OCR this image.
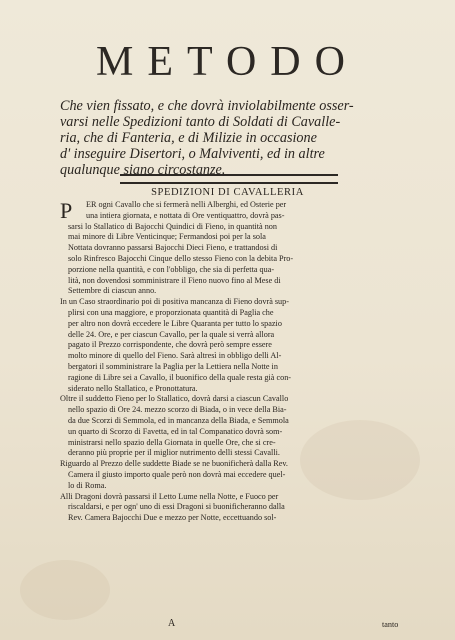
METODO
Che vien fissato, e che dovrà inviolabilmente osser-
varsi nelle Spedizioni tanto di Soldati di Cavalle-
ria, che di Fanteria, e di Milizie in occasione
d' inseguire Disertori, o Malviventi, ed in altre
qualunque siano circostanze.
SPEDIZIONI DI CAVALLERIA
P	ER ogni Cavallo che si fermerà nelli Alberghi, ed Osterie per
una intiera giornata, e nottata di Ore ventiquattro, dovrà pas-
sarsi lo Stallatico di Bajocchi Quindici di Fieno, in quantità non
mai minore di Libre Venticinque; Fermandosi poi per la sola
Nottata dovranno passarsi Bajocchi Dieci Fieno, e trattandosi di
solo Rinfresco Bajocchi Cinque dello stesso Fieno con la debita Pro-
porzione nella quantità, e con l'obbligo, che sia di perfetta qua-
lità, non dovendosi somministrare il Fieno nuovo fino al Mese di
Settembre di ciascun anno.
In un Caso straordinario poi di positiva mancanza di Fieno dovrà sup-
plirsi con una maggiore, e proporzionata quantità di Paglia che
per altro non dovrà eccedere le Libre Quaranta per tutto lo spazio
delle 24. Ore, e per ciascun Cavallo, per la quale si verrà allora
pagato il Prezzo corrispondente, che dovrà però sempre essere
molto minore di quello del Fieno. Sarà altresì in obbligo delli Al-
bergatori il somministrare la Paglia per la Lettiera nella Notte in
ragione di Libre sei a Cavallo, il buonifico della quale resta già con-
siderato nello Stallatico, e Pronottatura.
Oltre il suddetto Fieno per lo Stallatico, dovrà darsi a ciascun Cavallo
nello spazio di Ore 24. mezzo scorzo di Biada, o in vece della Bia-
da due Scorzi di Semmola, ed in mancanza della Biada, e Semmola
un quarto di Scorzo di Favetta, ed in tal Companatico dovrà som-
ministrarsi nello spazio della Giornata in quelle Ore, che si cre-
deranno più proprie per il miglior nutrimento delli stessi Cavalli.
Riguardo al Prezzo delle suddette Biade se ne buonificherà dalla Rev.
Camera il giusto importo quale però non dovrà mai eccedere quel-
lo di Roma.
Alli Dragoni dovrà passarsi il Letto Lume nella Notte, e Fuoco per
riscaldarsi, e per ogn' uno di essi Dragoni si buonificheranno dalla
Rev. Camera Bajocchi Due e mezzo per Notte, eccettuando sol-
A	tanto
